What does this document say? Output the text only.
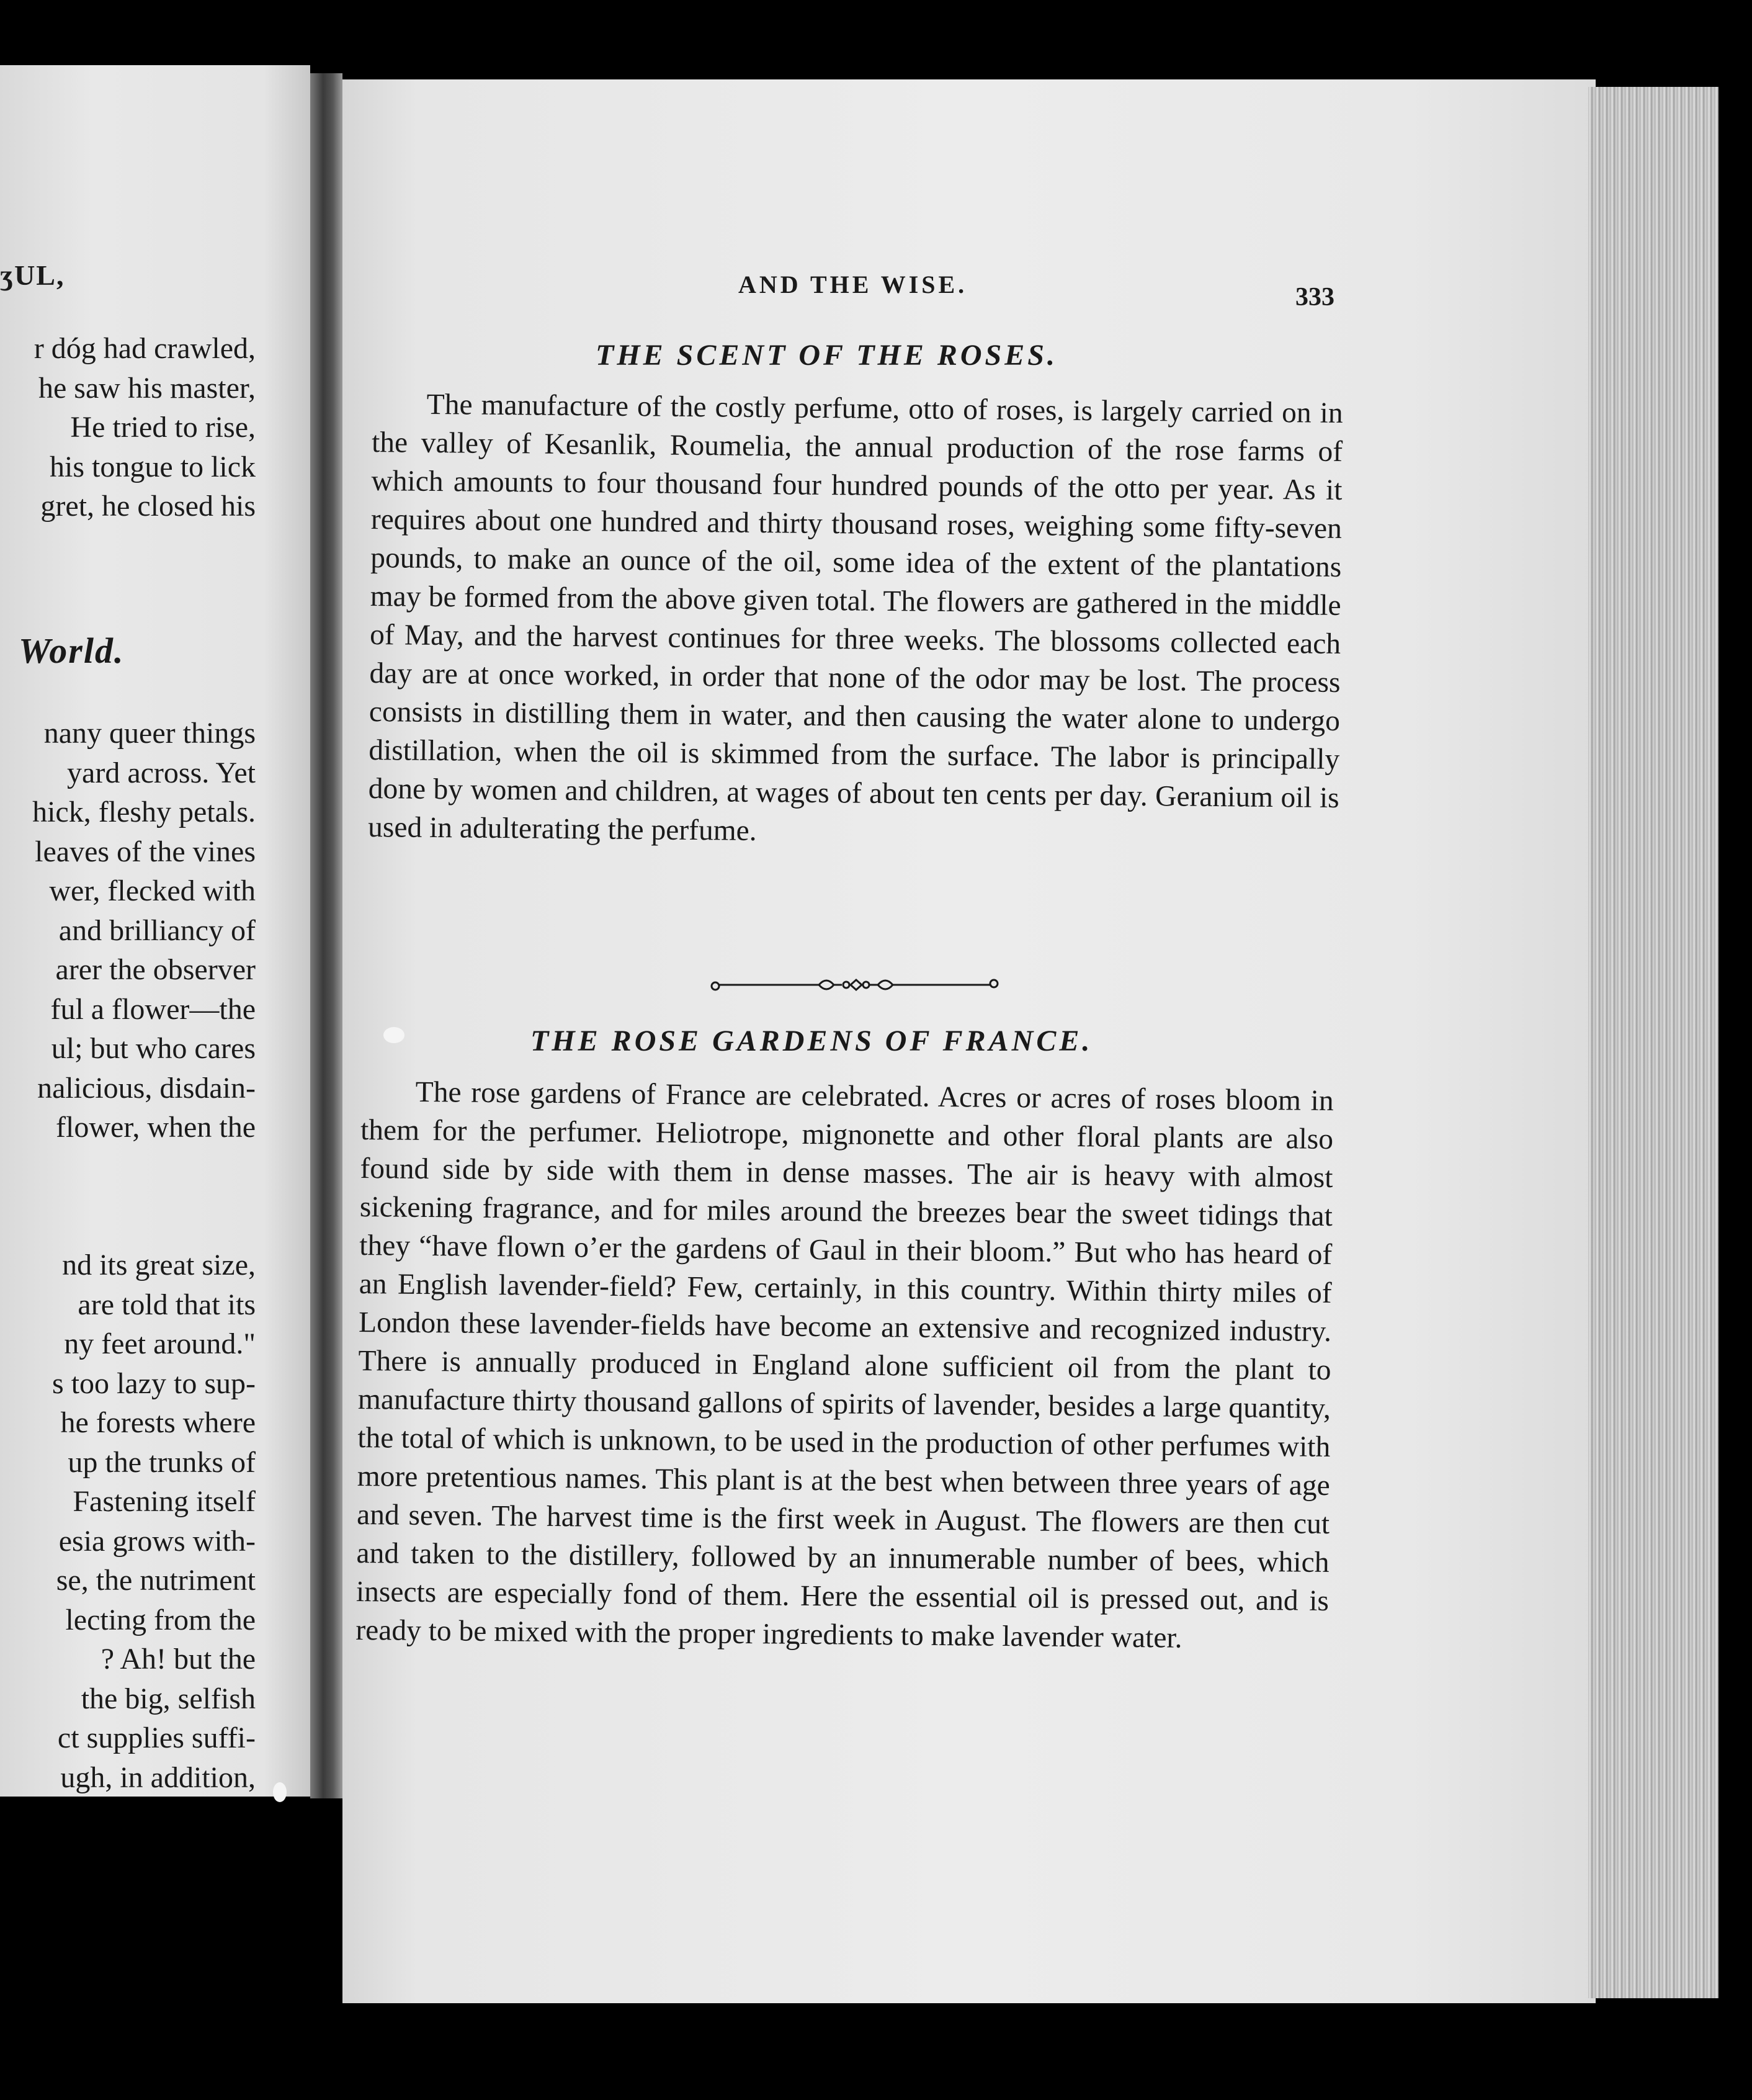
ʒUL,
r dóg had crawled,
he saw his master,
He tried to rise,
his tongue to lick
gret, he closed his
World.
nany queer things
yard across. Yet
hick, fleshy petals.
leaves of the vines
wer, flecked with
and brilliancy of
arer the observer
ful a flower—the
ul; but who cares
nalicious, disdain-
flower, when the
nd its great size,
are told that its
ny feet around."
s too lazy to sup-
he forests where
up the trunks of
Fastening itself
esia grows with-
se, the nutriment
lecting from the
? Ah! but the
the big, selfish
ct supplies suffi-
ugh, in addition,
AND THE WISE.	333
THE SCENT OF THE ROSES.

The manufacture of the costly perfume, otto of roses, is largely carried on in the valley of Kesanlik, Roumelia, the annual production of the rose farms of which amounts to four thousand four hundred pounds of the otto per year. As it requires about one hundred and thirty thousand roses, weighing some fifty-seven pounds, to make an ounce of the oil, some idea of the extent of the plantations may be formed from the above given total. The flowers are gathered in the middle of May, and the harvest continues for three weeks. The blossoms collected each day are at once worked, in order that none of the odor may be lost. The process consists in distilling them in water, and then causing the water alone to undergo distillation, when the oil is skimmed from the surface. The labor is principally done by women and children, at wages of about ten cents per day. Geranium oil is used in adulterating the perfume.

THE ROSE GARDENS OF FRANCE.

The rose gardens of France are celebrated. Acres or acres of roses bloom in them for the perfumer. Heliotrope, mignonette and other floral plants are also found side by side with them in dense masses. The air is heavy with almost sickening fragrance, and for miles around the breezes bear the sweet tidings that they “have flown o’er the gardens of Gaul in their bloom.” But who has heard of an English lavender-field? Few, certainly, in this country. Within thirty miles of London these lavender-fields have become an extensive and recognized industry. There is annually produced in England alone sufficient oil from the plant to manufacture thirty thousand gallons of spirits of lavender, besides a large quantity, the total of which is unknown, to be used in the production of other perfumes with more pretentious names. This plant is at the best when between three years of age and seven. The harvest time is the first week in August. The flowers are then cut and taken to the distillery, followed by an innumerable number of bees, which insects are especially fond of them. Here the essential oil is pressed out, and is ready to be mixed with the proper ingredients to make lavender water.
